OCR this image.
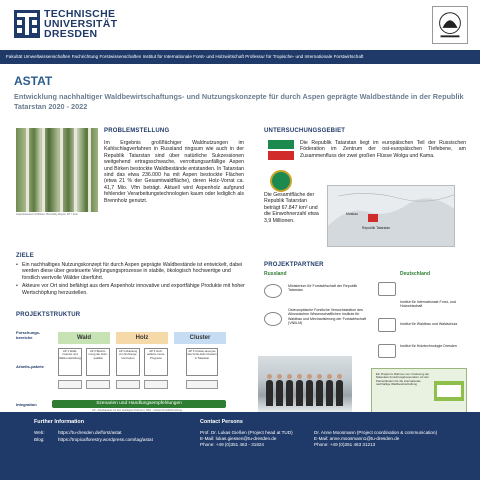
TECHNISCHE
UNIVERSITÄT
DRESDEN
Fakultät Umweltwissenschaften Fachrichtung Forstwissenschaften Institut für Internationale Forst- und Holzwirtschaft Professur für Tropische- und Internationale Forstwirtschaft
ASTAT
Entwicklung nachhaltiger Waldbewirtschaftungs- und Nutzungskonzepte für durch Aspen geprägte Waldbestände in der Republik Tatarstan 2020 - 2022
Aspenbestand mit Birken, Borovskiy Rayon, RT / Foto
PROBLEMSTELLUNG
Im Ergebnis großflächiger Waldnutzungen im Kahlschlagverfahren in Russland ringsum wie auch in der Republik Tatarstan sind über natürliche Sukzessionen weitgehend ertragsschwache, verrottungsanfällige Aspen und Birken bestockte Waldbestände entstanden. In Tatarstan sind das etwa 236.000 ha mit Aspen bestockte Flächen (etwa 21 % der Gesamtwaldfläche), deren Holz-Vorrat ca. 41,7 Mio. Vfm beträgt. Aktuell wird Aspenholz aufgrund fehlender Verarbeitungstechnologien kaum oder lediglich als Brennholz genutzt.
UNTERSUCHUNGSGEBIET
Die Republik Tatarstan liegt im europäischen Teil der Russischen Föderation im Zentrum der ost-europäischen Tiefebene, am Zusammenfluss der zwei großen Flüsse Wolga und Kama.
Die Gesamtfläche der Republik Tatarstan beträgt 67.847 km² und die Einwohnerzahl etwa 3,9 Millionen.
Moskau
Republik Tatarstan
ZIELE
• Ein nachhaltiges Nutzungskonzept für durch Aspen geprägte Waldbestände ist entwickelt, dabei werden diese über gesteuerte Verjüngungsprozesse in stabile, ökologisch hochwertige und forstlich wertvolle Wälder überführt.
• Akteure vor Ort sind befähigt aus dem Aspenholz innovative und exportfähige Produkte mit hoher Wertschöpfung herzustellen.
PROJEKTSTRUKTUR
Forschungs-bereiche
Arbeits-pakete
Integration
Wald	Holz	Cluster
AP 1 Wald-inventur und Wald-entwicklung
AP 2 Bestim-mung der Holz-qualität
AP 3 Ableitung von Nutzungs-konzepten
AP 4 Holz-aufkom-mens-Prognose
AP 5 Cluster-ana-lyse des Forst-Holz-Clusters in Tatarstan
Szenarien und Handlungsempfehlungen
AP - Arbeitspaket mit den beteiligten Partnern; IWH - Institut für Holzforschung
PROJEKTPARTNER
Russland	Deutschland
Ministerium für Forstwirtschaft der Republik Tatarstan
Osteuropäische Forstliche Versuchsstation des Allrussischen Wissenschaftlichen Instituts für Waldbau und Mechanisierung der Forstwirtschaft (VNIILM)
Institut für Internationale Forst- und Holzwirtschaft
Institut für Waldbau und Waldschutz
Institut für Holztechnologie Dresden
Ein Projekt im Rahmen von: Förderung der bilateralen Forschungskooperation mit den Partnerländern für die internationale nachhaltige Waldbewirtschaftung
Further Information
Web:	https://tu-dresden.de/forst/astat
Blog:	https://tropicalforestry.wordpress.com/tag/astat
Contact Persons
Prof. Dr. Lukas Gießen (Project head at TUD)
E-Mail: lukas.giessen@tu-dresden.de
Phone: +49 (0)351 463 - 31824
Dr. Anne Moosmann (Project coordination & communication)
E-Mail: anne.moosmann1@tu-dresden.de
Phone: +49 (0)351 463 31213
